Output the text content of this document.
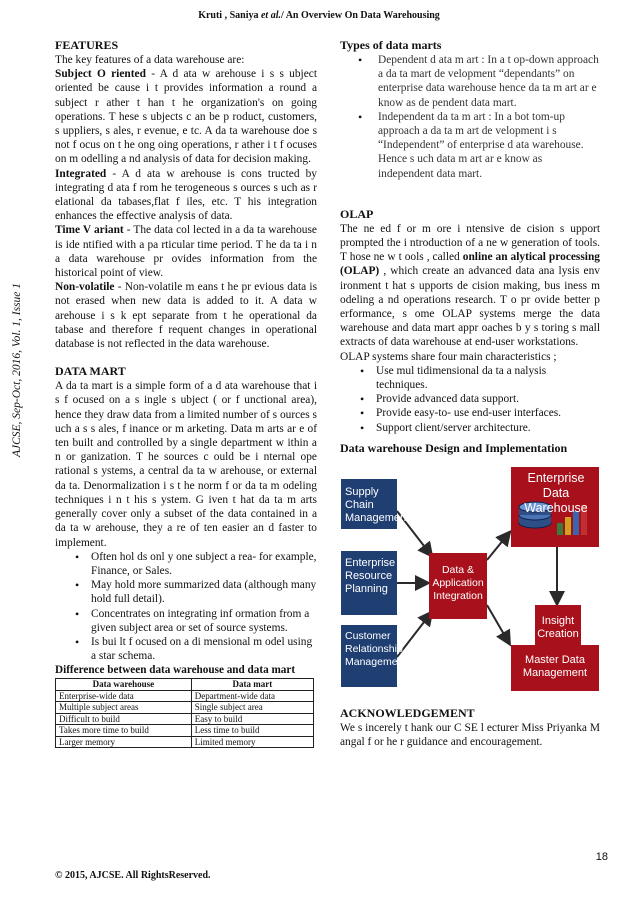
Kruti , Saniya et al./ An Overview On Data Warehousing
AJCSE, Sep-Oct, 2016, Vol. 1, Issue 1
FEATURES

The key features of a data warehouse are:

Subject O riented - A d ata w arehouse i s s ubject oriented be cause i t provides information a round a subject r ather t han t he organization's on going operations. T hese s ubjects c an be p roduct, customers, s uppliers, s ales, r evenue, e tc. A da ta warehouse doe s not f ocus on t he ong oing operations, r ather i t f ocuses on m odelling a nd analysis of data for decision making.

Integrated - A d ata w arehouse is cons tructed by integrating d ata f rom he terogeneous s ources s uch as r elational da tabases,flat f iles, etc. T his integration enhances the effective analysis of data.

Time V ariant - The data col lected in a da ta warehouse is ide ntified with a pa rticular time period. T he da ta i n a data warehouse pr ovides information from the historical point of view.

Non-volatile - Non-volatile m eans t he pr evious data is not erased when new data is added to it. A data w arehouse i s k ept separate from t he operational da tabase and therefore f requent changes in operational database is not reflected in the data warehouse.

DATA MART

A da ta mart is a simple form of a d ata warehouse that i s f ocused on a s ingle s ubject ( or f unctional area), hence they draw data from a limited number of s ources s uch a s s ales, f inance or m arketing. Data m arts ar e of ten built and controlled by a single department w ithin a n or ganization. T he sources c ould be i nternal ope rational s ystems, a central da ta w arehouse, or external da ta. Denormalization i s t he norm f or da ta m odeling techniques i n t his s ystem. G iven t hat da ta m arts generally cover only a subset of the data contained in a da ta w arehouse, they a re of ten easier an d faster to implement.

• Often hol ds onl y one subject a rea- for example, Finance, or Sales.
• May hold more summarized data (although many hold full detail).
• Concentrates on integrating inf ormation from a given subject area or set of source systems.
• Is bui lt f ocused on a di mensional m odel using a star schema.
Difference between data warehouse and data mart
Data warehouse	Data mart
Enterprise-wide data	Department-wide data
Multiple subject areas	Single subject area
Difficult to build	Easy to build
Takes more time to build	Less time to build
Larger memory	Limited memory
Types of data marts
• Dependent d ata m art : In a t op-down approach a da ta mart de velopment “dependants” on enterprise data warehouse hence da ta m art ar e know as de pendent data mart.
• Independent da ta m art : In a bot tom-up approach a da ta m art de velopment i s “Independent” of enterprise d ata warehouse. Hence s uch data m art ar e know as independent data mart.
OLAP

The ne ed f or m ore i ntensive de cision s upport prompted the i ntroduction of a ne w generation of tools. T hose ne w t ools , called online an alytical processing (OLAP) , which create an advanced data ana lysis env ironment t hat s upports de cision making, bus iness m odeling a nd operations research. T o pr ovide better p erformance, s ome OLAP systems merge the data warehouse and data mart appr oaches b y s toring s mall extracts of data warehouse at end-user workstations.

OLAP systems share four main characteristics ;

• Use mul tidimensional da ta a nalysis techniques.
• Provide advanced data support.
• Provide easy-to- use end-user interfaces.
• Support client/server architecture.
Data warehouse Design and Implementation
Supply Chain Management
Enterprise Resource Planning
Customer Relationship Management
Data & Application Integration
Enterprise Data Warehouse
Insight Creation
Master Data Management
ACKNOWLEDGEMENT

We s incerely t hank our C SE l ecturer Miss Priyanka M angal f or he r guidance and encouragement.

18
© 2015, AJCSE. All RightsReserved.
